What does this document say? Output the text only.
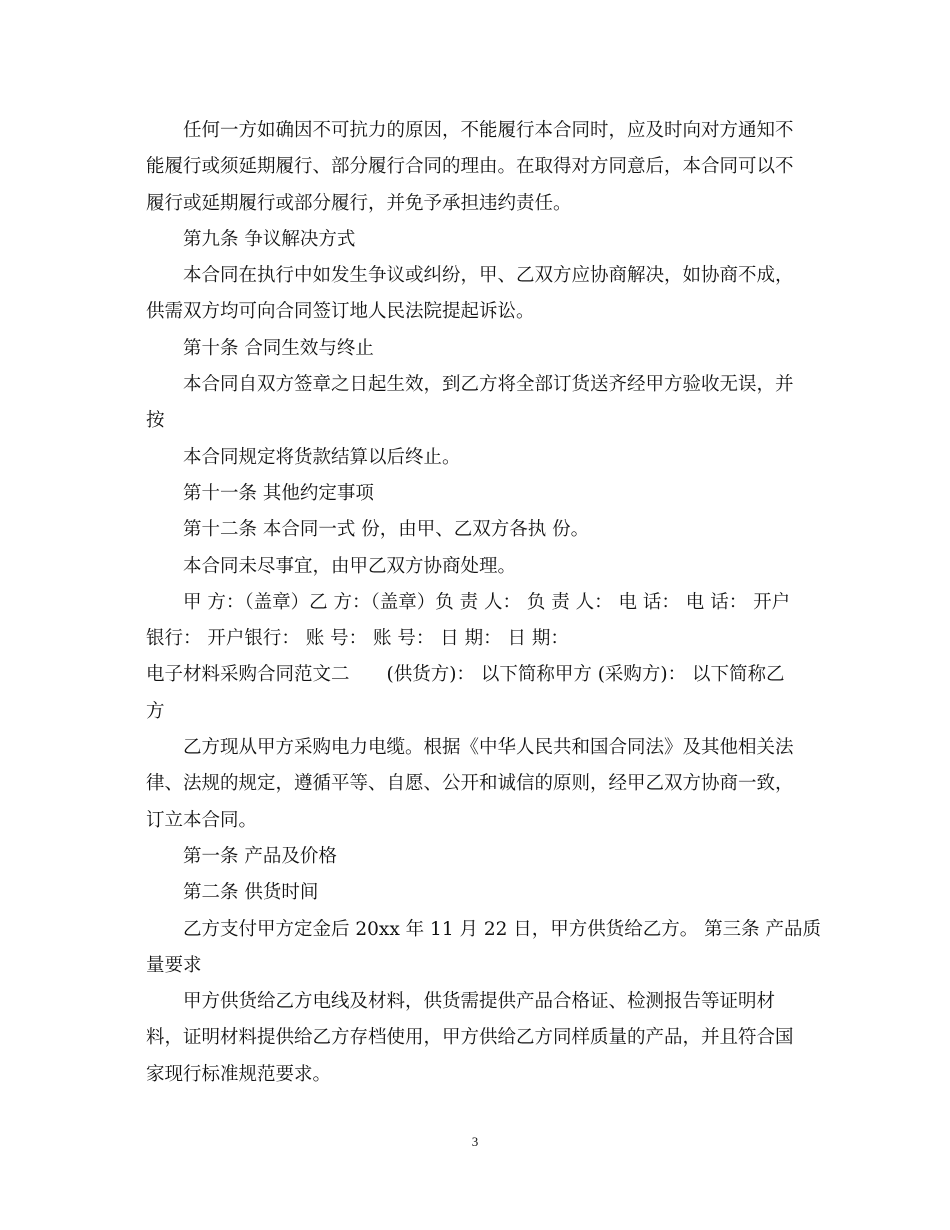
任何一方如确因不可抗力的原因，不能履行本合同时，应及时向对方通知不
能履行或须延期履行、部分履行合同的理由。在取得对方同意后，本合同可以不
履行或延期履行或部分履行，并免予承担违约责任。
第九条 争议解决方式
本合同在执行中如发生争议或纠纷，甲、乙双方应协商解决，如协商不成，
供需双方均可向合同签订地人民法院提起诉讼。
第十条 合同生效与终止
本合同自双方签章之日起生效，到乙方将全部订货送齐经甲方验收无误，并
按
本合同规定将货款结算以后终止。
第十一条 其他约定事项
第十二条 本合同一式 份，由甲、乙双方各执 份。
本合同未尽事宜，由甲乙双方协商处理。
甲 方：（盖章）乙 方：（盖章）负 责 人： 负 责 人： 电 话： 电 话： 开户
银行： 开户银行： 账 号： 账 号： 日 期： 日 期：
电子材料采购合同范文二　　(供货方)： 以下简称甲方 (采购方)： 以下简称乙
方
乙方现从甲方采购电力电缆。根据《中华人民共和国合同法》及其他相关法
律、法规的规定，遵循平等、自愿、公开和诚信的原则，经甲乙双方协商一致，
订立本合同。
第一条 产品及价格
第二条 供货时间
乙方支付甲方定金后 20xx 年 11 月 22 日，甲方供货给乙方。 第三条 产品质
量要求
甲方供货给乙方电线及材料，供货需提供产品合格证、检测报告等证明材
料，证明材料提供给乙方存档使用，甲方供给乙方同样质量的产品，并且符合国
家现行标准规范要求。
3
